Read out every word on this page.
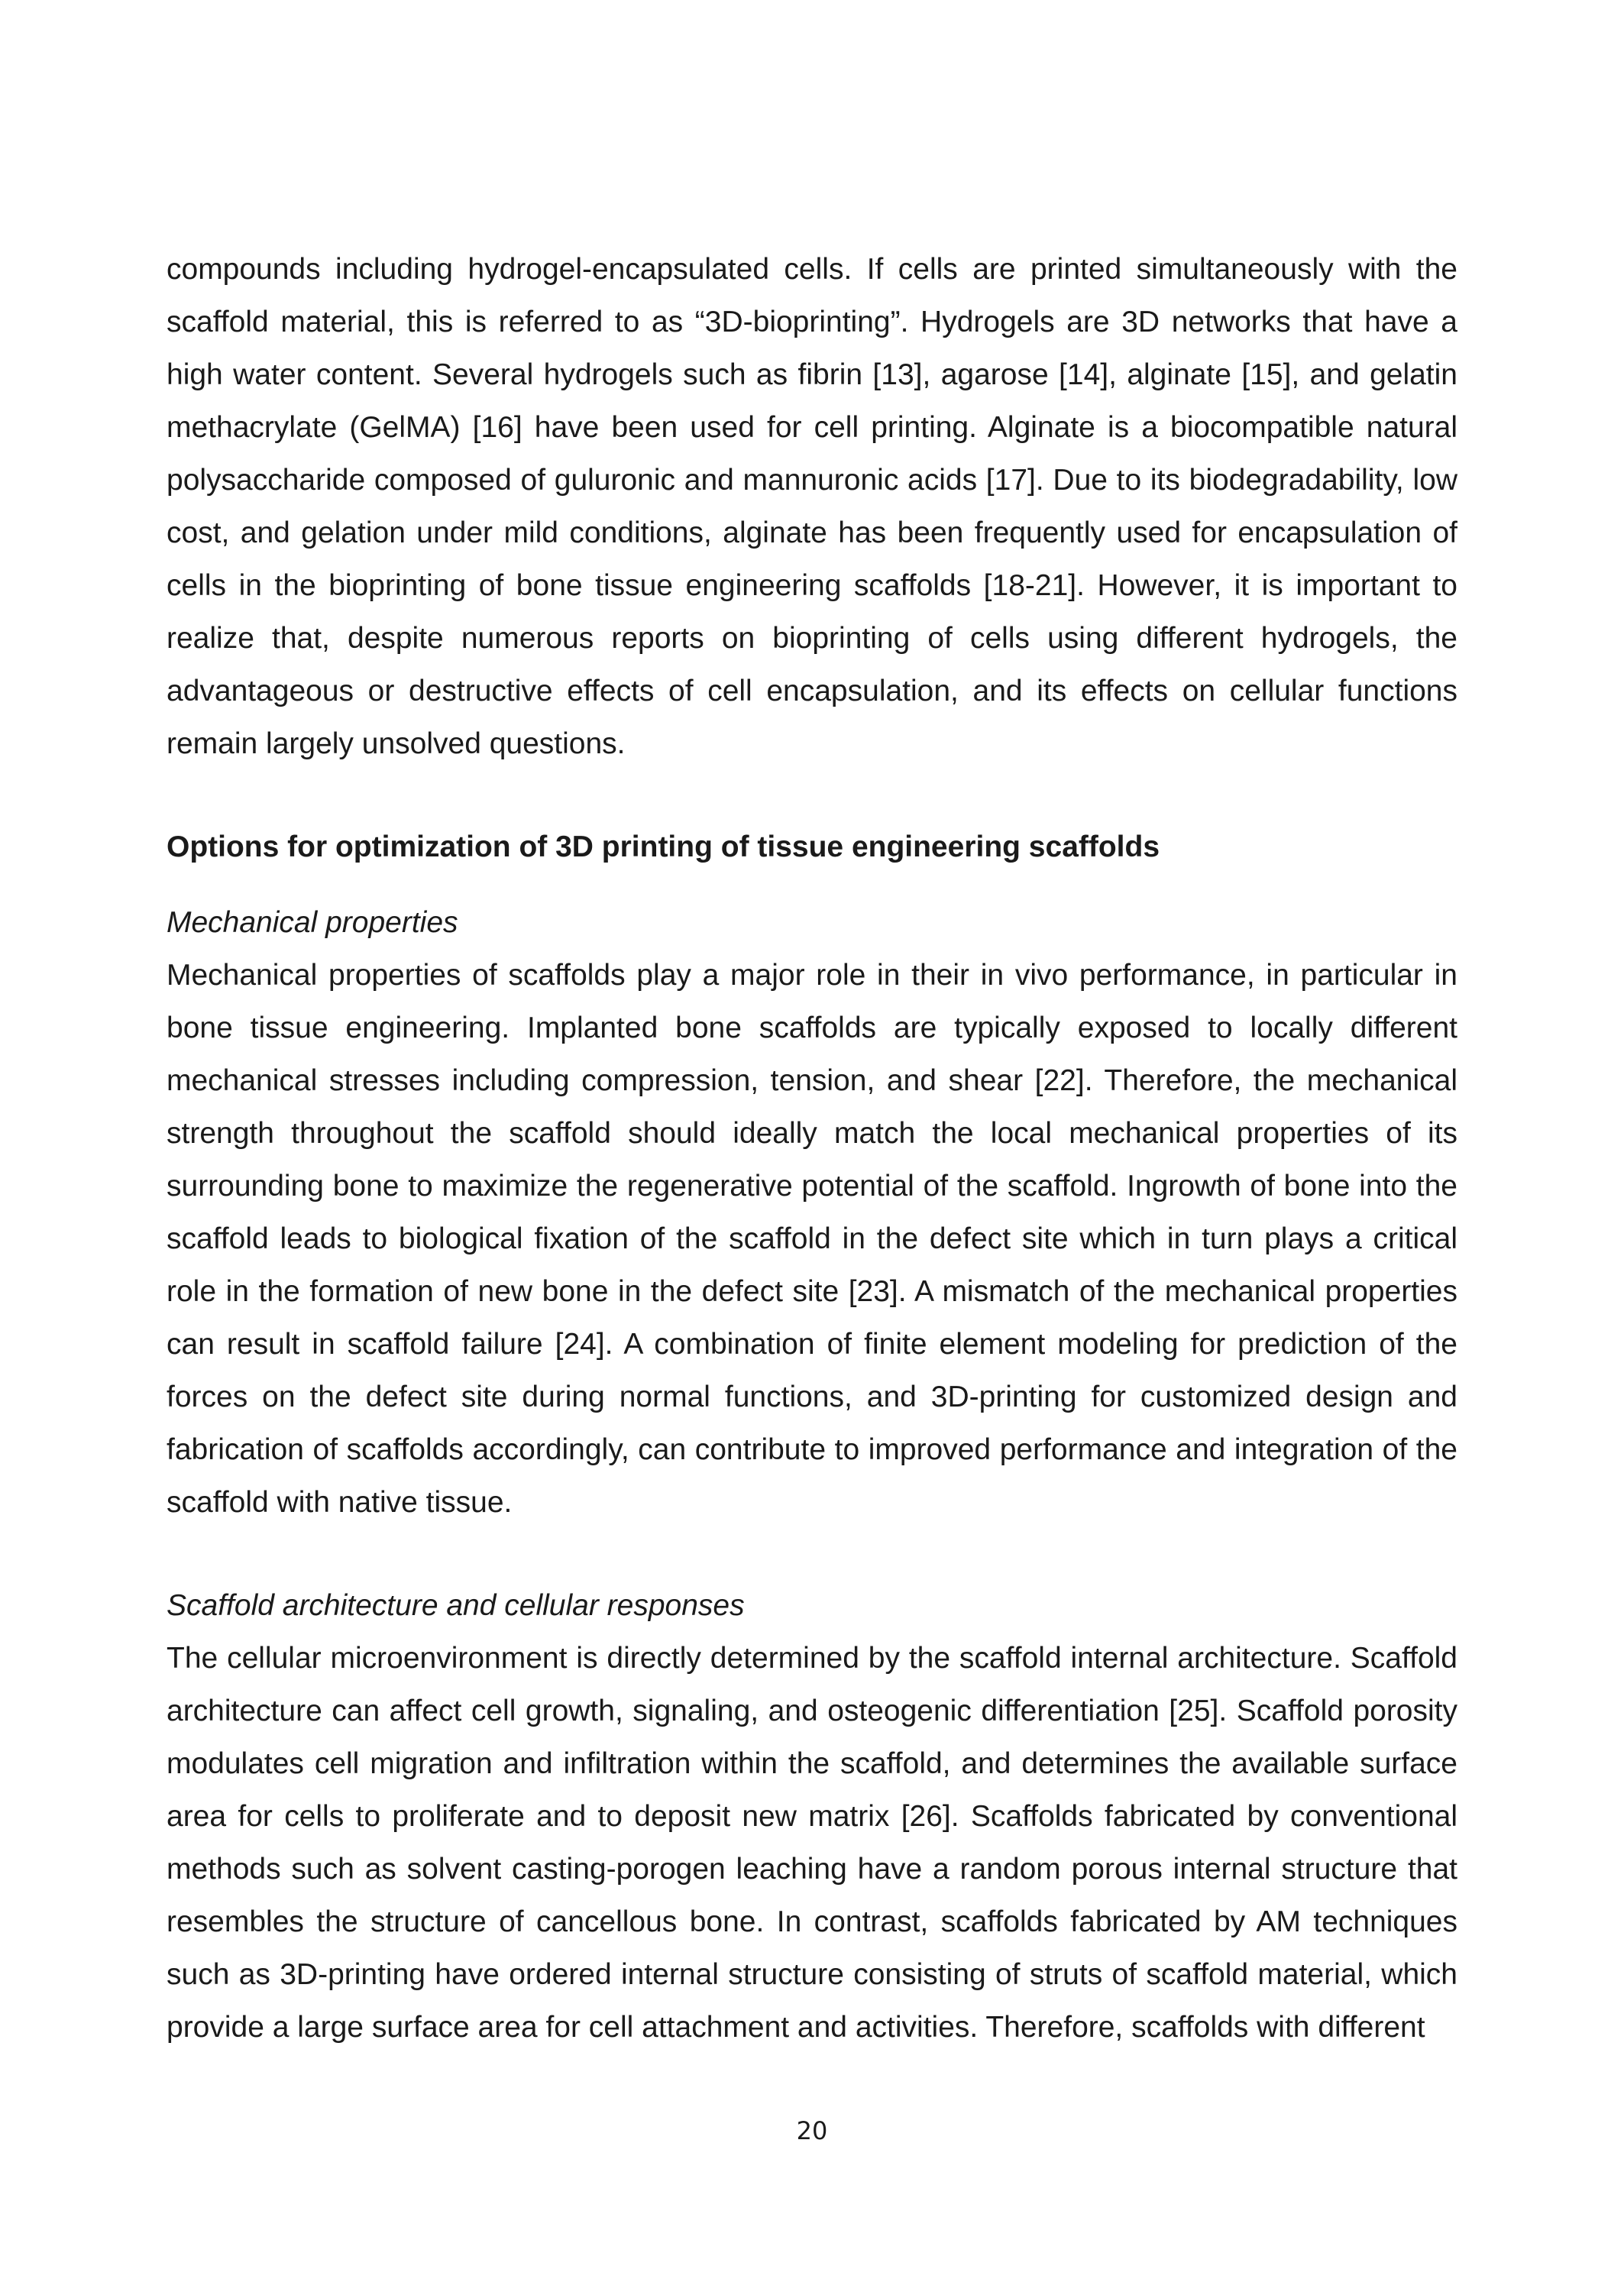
compounds including hydrogel-encapsulated cells. If cells are printed simultaneously with the scaffold material, this is referred to as “3D-bioprinting”. Hydrogels are 3D networks that have a high water content. Several hydrogels such as fibrin [13], agarose [14], alginate [15], and gelatin methacrylate (GelMA) [16] have been used for cell printing. Alginate is a biocompatible natural polysaccharide composed of guluronic and mannuronic acids [17]. Due to its biodegradability, low cost, and gelation under mild conditions, alginate has been frequently used for encapsulation of cells in the bioprinting of bone tissue engineering scaffolds [18-21]. However, it is important to realize that, despite numerous reports on bioprinting of cells using different hydrogels, the advantageous or destructive effects of cell encapsulation, and its effects on cellular functions remain largely unsolved questions.

Options for optimization of 3D printing of tissue engineering scaffolds

Mechanical properties

Mechanical properties of scaffolds play a major role in their in vivo performance, in particular in bone tissue engineering. Implanted bone scaffolds are typically exposed to locally different mechanical stresses including compression, tension, and shear [22]. Therefore, the mechanical strength throughout the scaffold should ideally match the local mechanical properties of its surrounding bone to maximize the regenerative potential of the scaffold. Ingrowth of bone into the scaffold leads to biological fixation of the scaffold in the defect site which in turn plays a critical role in the formation of new bone in the defect site [23]. A mismatch of the mechanical properties can result in scaffold failure [24]. A combination of finite element modeling for prediction of the forces on the defect site during normal functions, and 3D-printing for customized design and fabrication of scaffolds accordingly, can contribute to improved performance and integration of the scaffold with native tissue.

Scaffold architecture and cellular responses

The cellular microenvironment is directly determined by the scaffold internal architecture. Scaffold architecture can affect cell growth, signaling, and osteogenic differentiation [25]. Scaffold porosity modulates cell migration and infiltration within the scaffold, and determines the available surface area for cells to proliferate and to deposit new matrix [26]. Scaffolds fabricated by conventional methods such as solvent casting-porogen leaching have a random porous internal structure that resembles the structure of cancellous bone. In contrast, scaffolds fabricated by AM techniques such as 3D-printing have ordered internal structure consisting of struts of scaffold material, which provide a large surface area for cell attachment and activities. Therefore, scaffolds with different

20
